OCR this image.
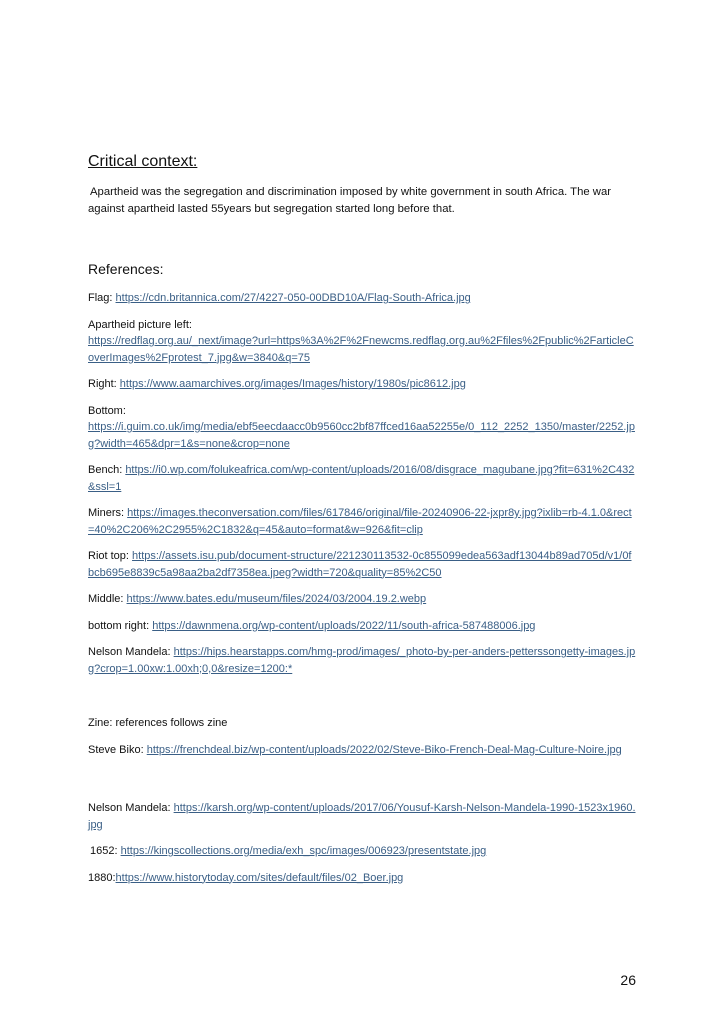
Critical context:
Apartheid was the segregation and discrimination imposed by white government in south Africa. The war
against apartheid lasted 55years but segregation started long before that.
References:
Flag: https://cdn.britannica.com/27/4227-050-00DBD10A/Flag-South-Africa.jpg
Apartheid picture left:
https://redflag.org.au/_next/image?url=https%3A%2F%2Fnewcms.redflag.org.au%2Ffiles%2Fpublic%2FarticleCoverImages%2Fprotest_7.jpg&w=3840&q=75
Right: https://www.aamarchives.org/images/Images/history/1980s/pic8612.jpg
Bottom:
https://i.guim.co.uk/img/media/ebf5eecdaacc0b9560cc2bf87ffced16aa52255e/0_112_2252_1350/master/2252.jpg?width=465&dpr=1&s=none&crop=none
Bench: https://i0.wp.com/folukeafrica.com/wp-content/uploads/2016/08/disgrace_magubane.jpg?fit=631%2C432&ssl=1
Miners: https://images.theconversation.com/files/617846/original/file-20240906-22-jxpr8y.jpg?ixlib=rb-4.1.0&rect=40%2C206%2C2955%2C1832&q=45&auto=format&w=926&fit=clip
Riot top: https://assets.isu.pub/document-structure/221230113532-0c855099edea563adf13044b89ad705d/v1/0fbcb695e8839c5a98aa2ba2df7358ea.jpeg?width=720&quality=85%2C50
Middle: https://www.bates.edu/museum/files/2024/03/2004.19.2.webp
bottom right: https://dawnmena.org/wp-content/uploads/2022/11/south-africa-587488006.jpg
Nelson Mandela: https://hips.hearstapps.com/hmg-prod/images/_photo-by-per-anders-petterssongetty-images.jpg?crop=1.00xw:1.00xh;0,0&resize=1200:*
Zine: references follows zine
Steve Biko: https://frenchdeal.biz/wp-content/uploads/2022/02/Steve-Biko-French-Deal-Mag-Culture-Noire.jpg
Nelson Mandela: https://karsh.org/wp-content/uploads/2017/06/Yousuf-Karsh-Nelson-Mandela-1990-1523x1960.jpg
1652: https://kingscollections.org/media/exh_spc/images/006923/presentstate.jpg
1880:https://www.historytoday.com/sites/default/files/02_Boer.jpg
26
